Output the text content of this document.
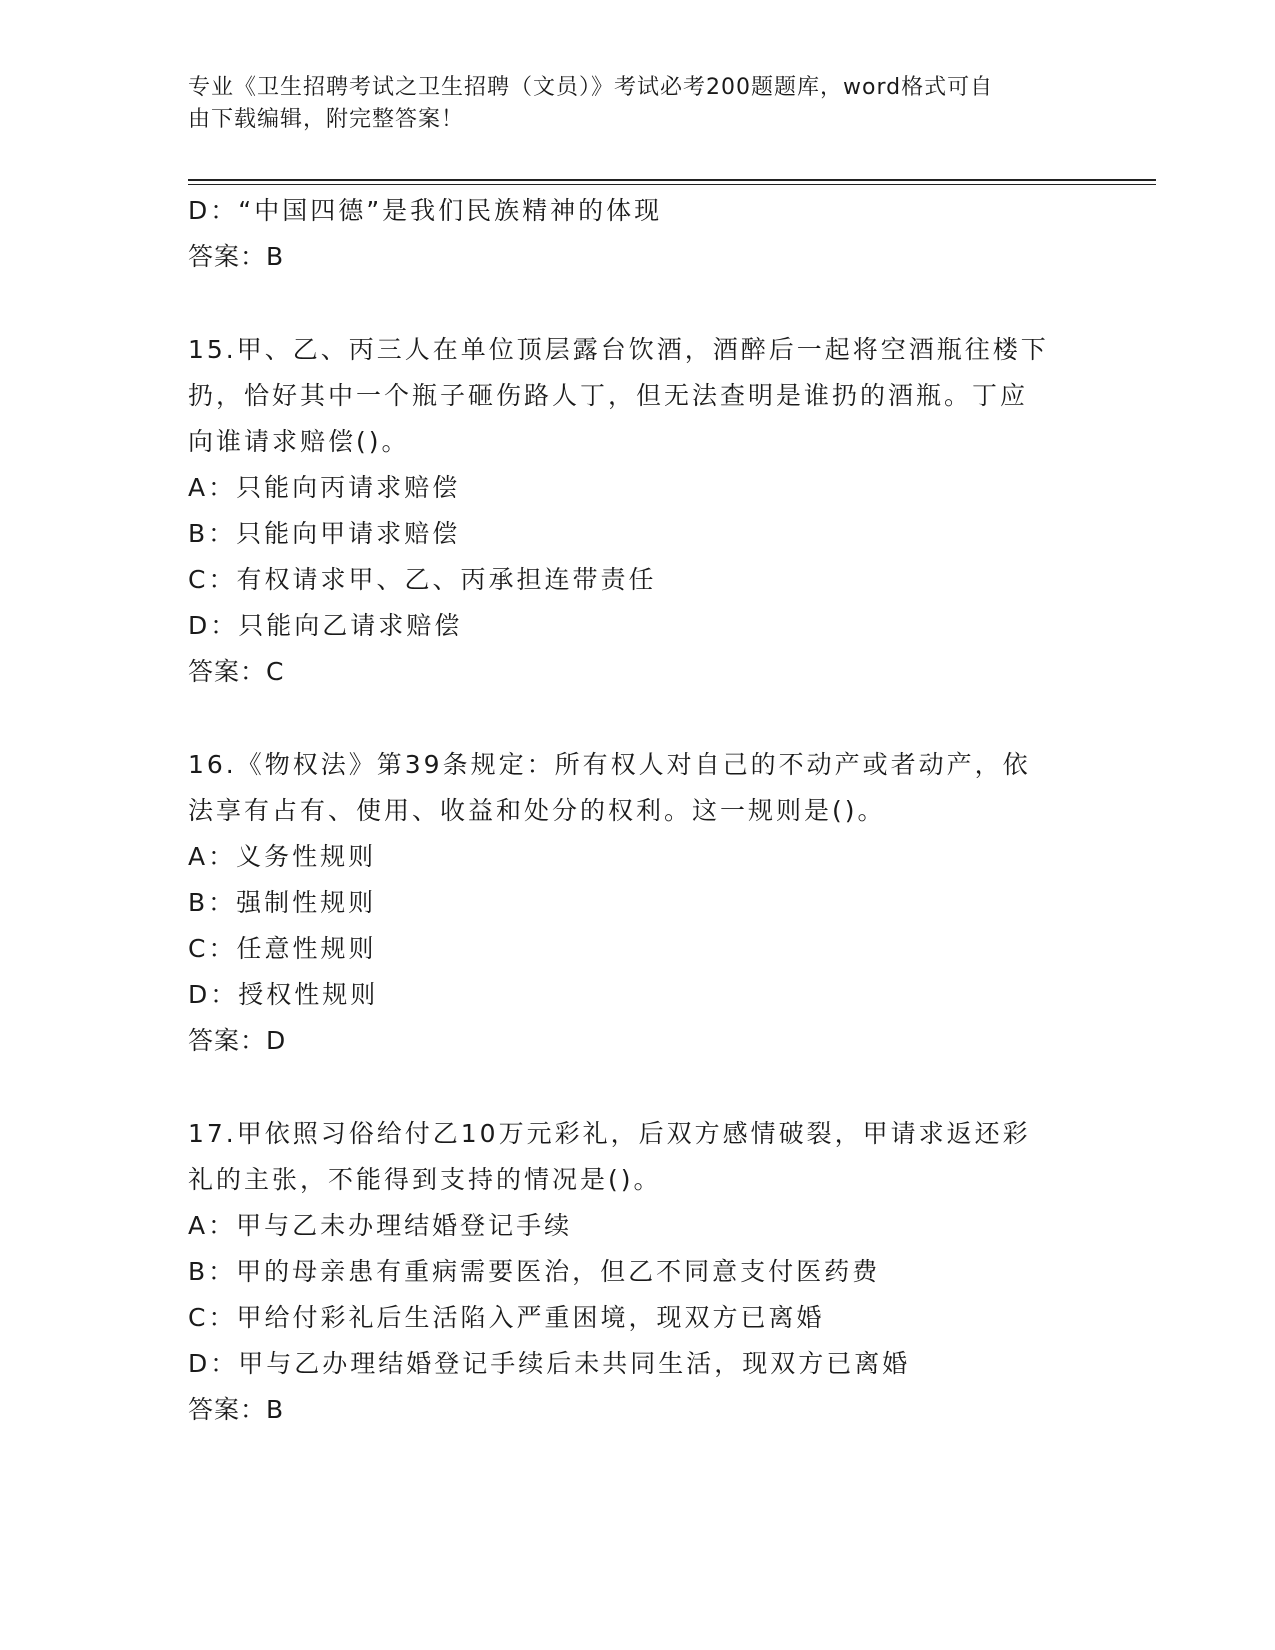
专业《卫生招聘考试之卫生招聘（文员）》考试必考200题题库，word格式可自
由下载编辑，附完整答案！
D：“中国四德”是我们民族精神的体现
答案：B
15.甲、乙、丙三人在单位顶层露台饮酒，酒醉后一起将空酒瓶往楼下
扔，恰好其中一个瓶子砸伤路人丁，但无法查明是谁扔的酒瓶。丁应
向谁请求赔偿()。
A：只能向丙请求赔偿
B：只能向甲请求赔偿
C：有权请求甲、乙、丙承担连带责任
D：只能向乙请求赔偿
答案：C
16.《物权法》第39条规定：所有权人对自己的不动产或者动产，依
法享有占有、使用、收益和处分的权利。这一规则是()。
A：义务性规则
B：强制性规则
C：任意性规则
D：授权性规则
答案：D
17.甲依照习俗给付乙10万元彩礼，后双方感情破裂，甲请求返还彩
礼的主张，不能得到支持的情况是()。
A：甲与乙未办理结婚登记手续
B：甲的母亲患有重病需要医治，但乙不同意支付医药费
C：甲给付彩礼后生活陷入严重困境，现双方已离婚
D：甲与乙办理结婚登记手续后未共同生活，现双方已离婚
答案：B
